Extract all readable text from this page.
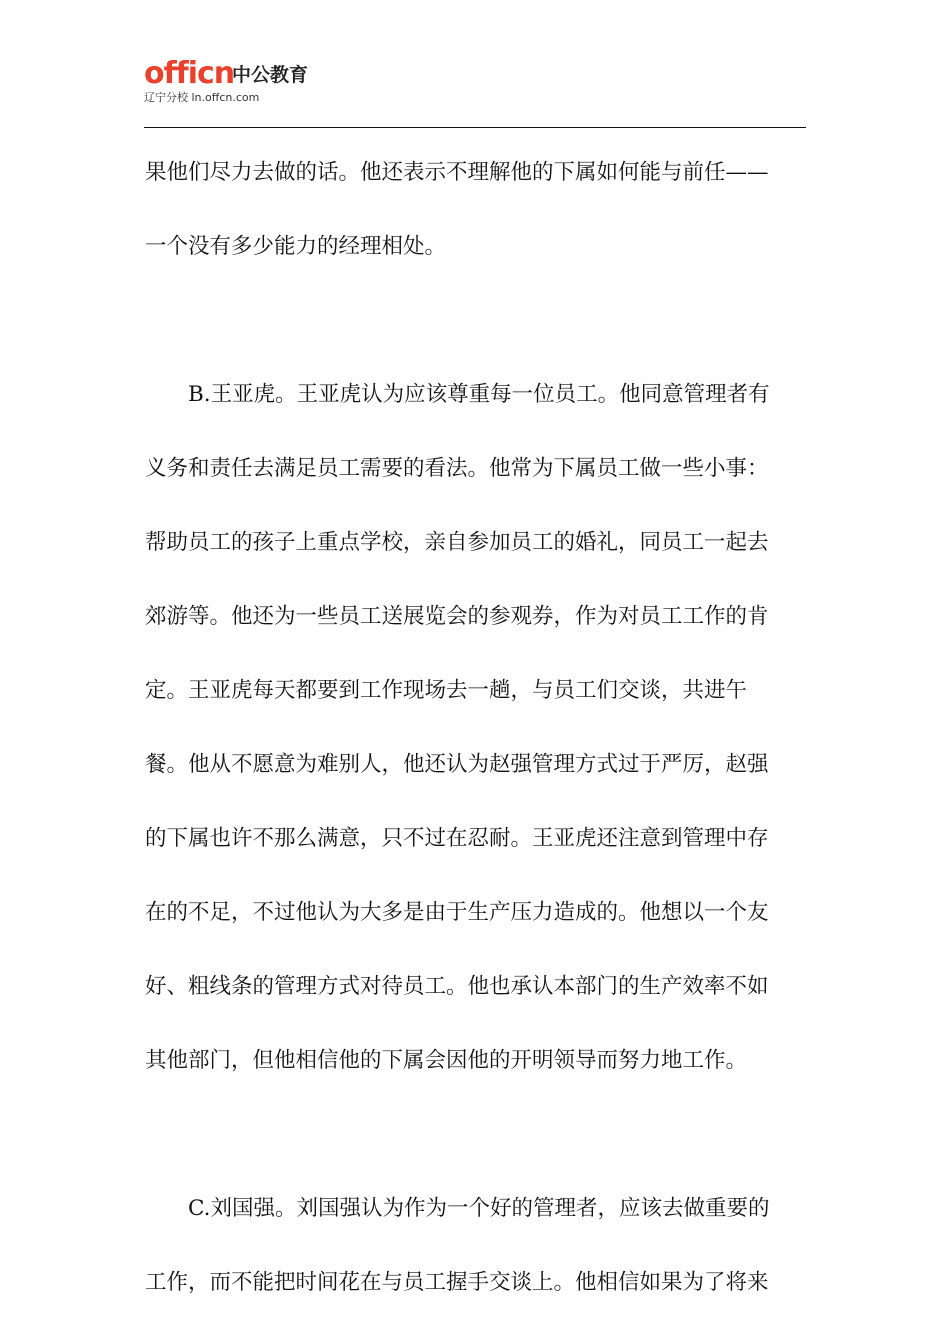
officn
中公教育
辽宁分校 ln.offcn.com

果他们尽力去做的话。他还表示不理解他的下属如何能与前任——

一个没有多少能力的经理相处。

B.王亚虎。王亚虎认为应该尊重每一位员工。他同意管理者有

义务和责任去满足员工需要的看法。他常为下属员工做一些小事：

帮助员工的孩子上重点学校，亲自参加员工的婚礼，同员工一起去

郊游等。他还为一些员工送展览会的参观券，作为对员工工作的肯

定。王亚虎每天都要到工作现场去一趟，与员工们交谈，共进午

餐。他从不愿意为难别人，他还认为赵强管理方式过于严厉，赵强

的下属也许不那么满意，只不过在忍耐。王亚虎还注意到管理中存

在的不足，不过他认为大多是由于生产压力造成的。他想以一个友

好、粗线条的管理方式对待员工。他也承认本部门的生产效率不如

其他部门，但他相信他的下属会因他的开明领导而努力地工作。

C.刘国强。刘国强认为作为一个好的管理者，应该去做重要的

工作，而不能把时间花在与员工握手交谈上。他相信如果为了将来
